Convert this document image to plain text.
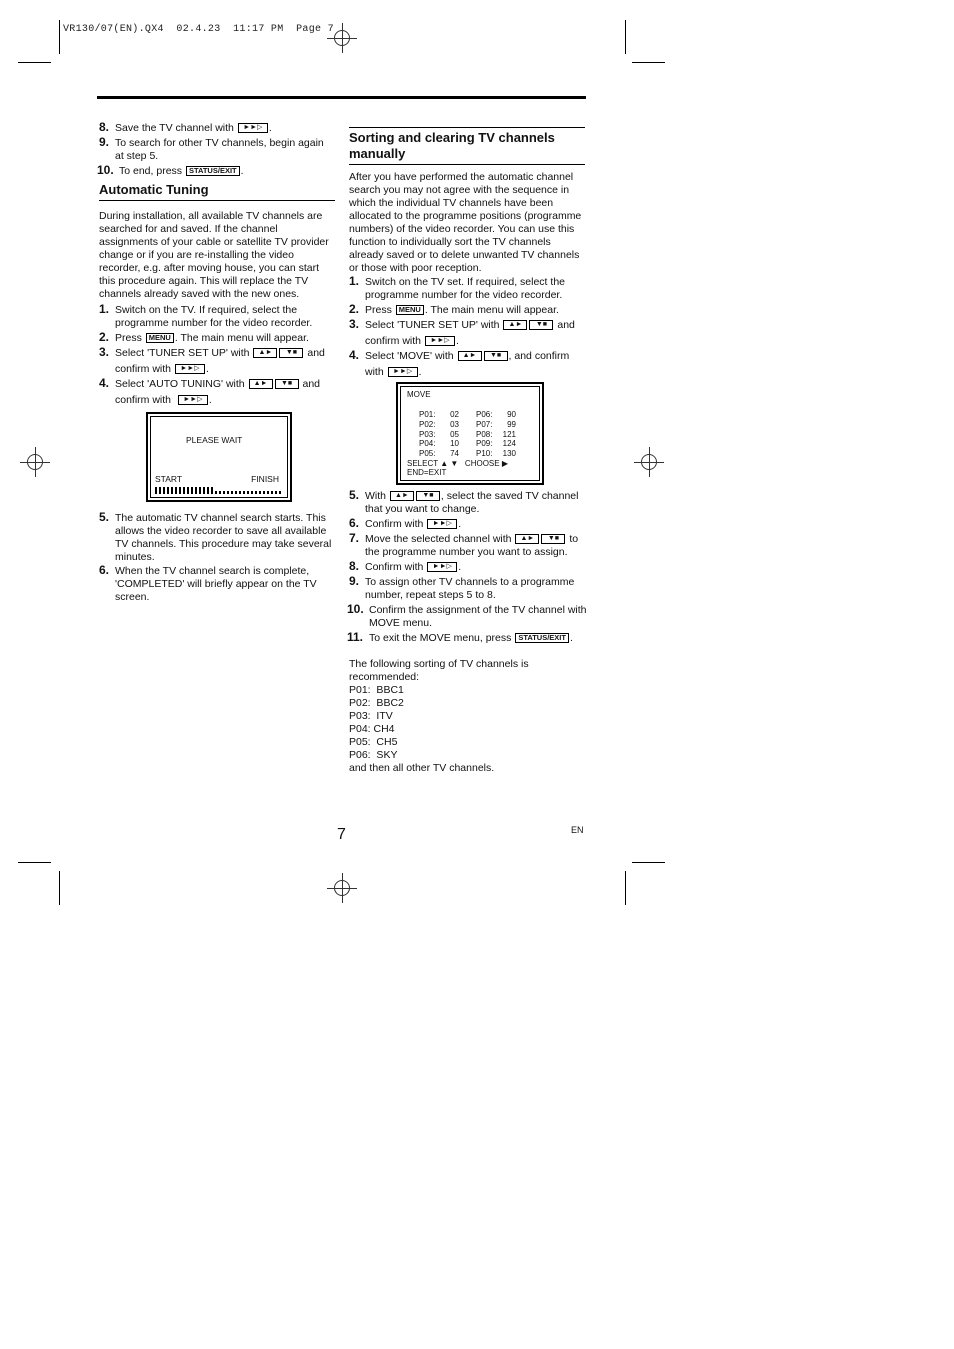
VR130/07(EN).QX4  02.4.23  11:17 PM  Page 7
8. Save the TV channel with ►►▷ .
9. To search for other TV channels, begin again at step 5.
10. To end, press STATUS/EXIT .
Automatic Tuning

During installation, all available TV channels are searched for and saved. If the channel assignments of your cable or satellite TV provider change or if you are re-installing the video recorder, e.g. after moving house, you can start this procedure again. This will replace the TV channels already saved with the new ones.

1. Switch on the TV. If required, select the programme number for the video recorder.
2. Press MENU . The main menu will appear.
3. Select 'TUNER SET UP' with ▲► ▼■ and
confirm with ►►▷ .
4. Select 'AUTO TUNING' with ▲► ▼■ and
confirm with ►►▷ .
PLEASE WAIT
START	FINISH
5. The automatic TV channel search starts. This allows the video recorder to save all available TV channels. This procedure may take several minutes.
6. When the TV channel search is complete, 'COMPLETED' will briefly appear on the TV screen.
Sorting and clearing TV channels manually

After you have performed the automatic channel search you may not agree with the sequence in which the individual TV channels have been allocated to the programme positions (programme numbers) of the video recorder. You can use this function to individually sort the TV channels already saved or to delete unwanted TV channels or those with poor reception.

1. Switch on the TV set. If required, select the programme number for the video recorder.
2. Press MENU . The main menu will appear.
3. Select 'TUNER SET UP' with ▲► ▼■ and
confirm with ►►▷ .
4. Select 'MOVE' with ▲► ▼■ , and confirm
with ►►▷ .
MOVE
P01: 02
P02: 03
P03: 05
P04: 10
P05: 74
P06: 90
P07: 99
P08: 121
P09: 124
P10: 130
SELECT ▲ ▼   CHOOSE ▶
END=EXIT
5. With ▲► ▼■ , select the saved TV channel that you want to change.
6. Confirm with ►►▷ .
7. Move the selected channel with ▲► ▼■ to the programme number you want to assign.
8. Confirm with ►►▷ .
9. To assign other TV channels to a programme number, repeat steps 5 to 8.
10. Confirm the assignment of the TV channel with MOVE menu.
11. To exit the MOVE menu, press STATUS/EXIT .

The following sorting of TV channels is recommended:

P01:  BBC1
P02:  BBC2
P03:  ITV
P04: CH4
P05:  CH5
P06:  SKY

and then all other TV channels.

7	EN
